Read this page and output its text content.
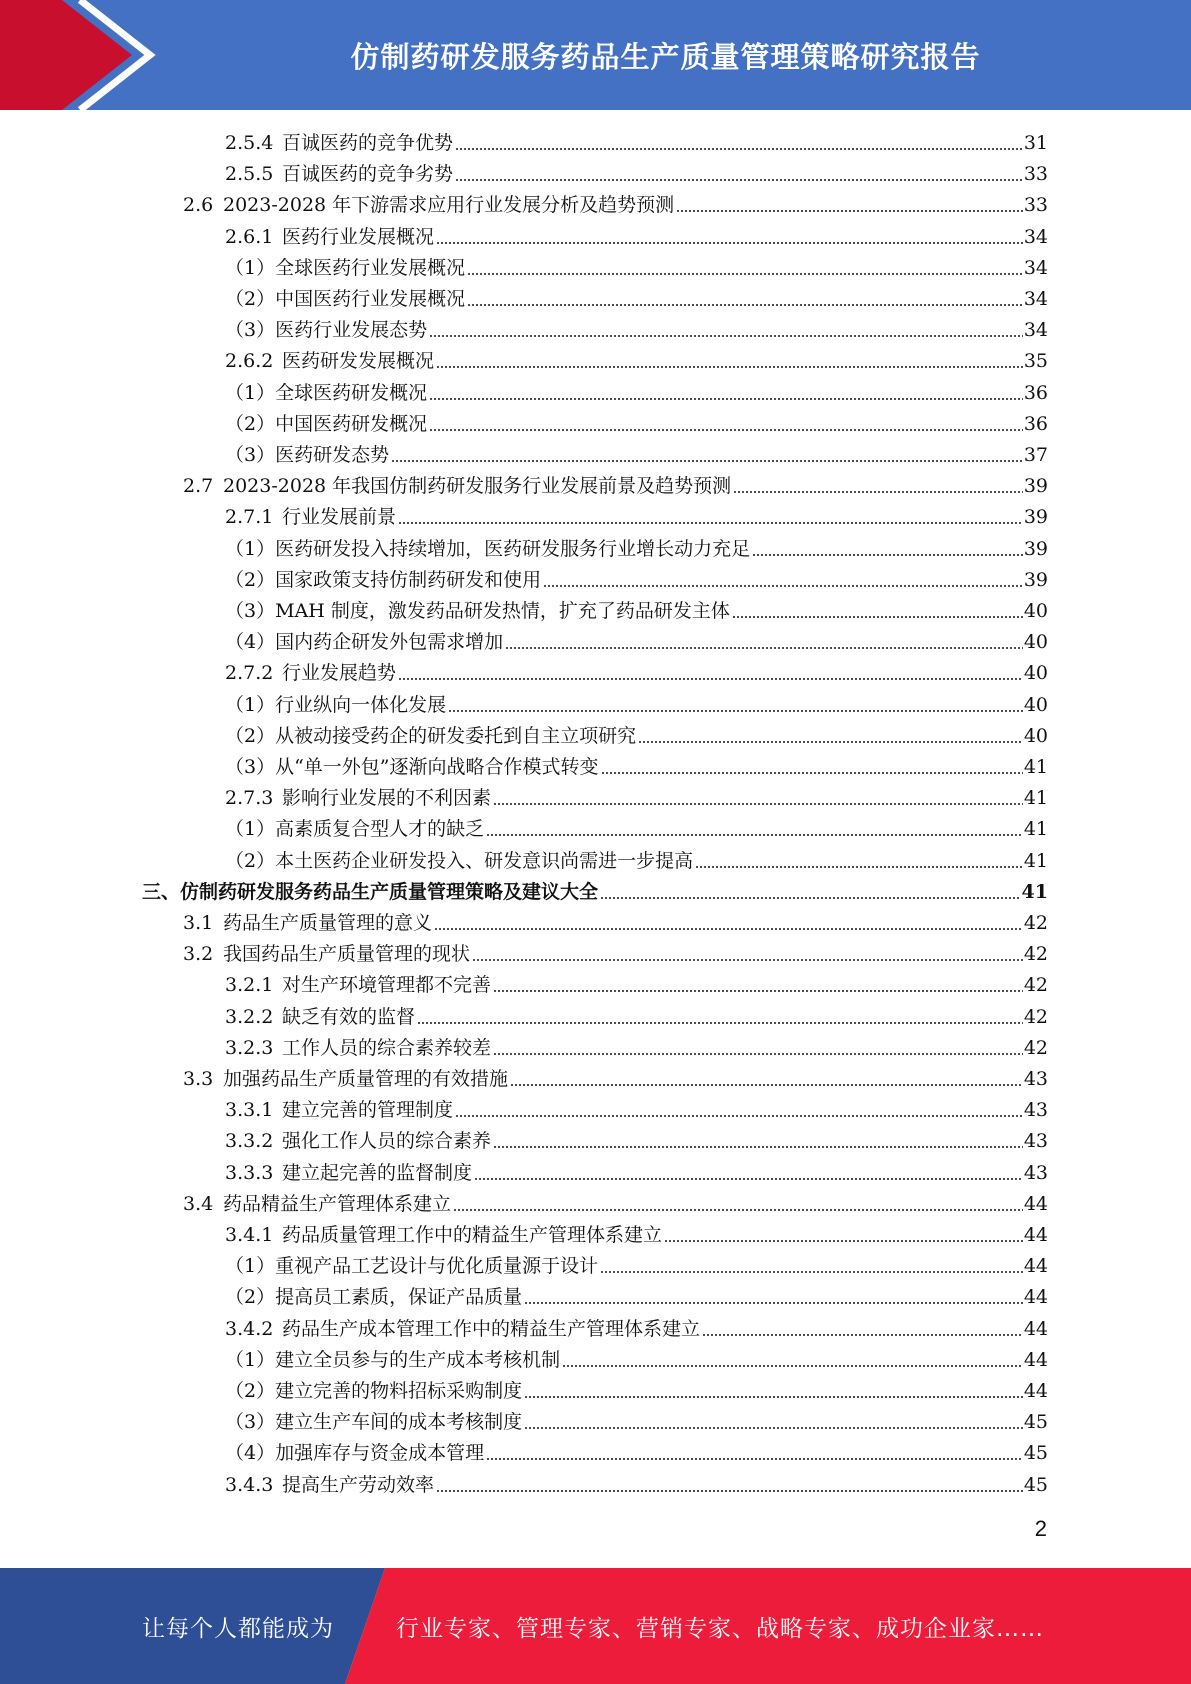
仿制药研发服务药品生产质量管理策略研究报告
2.5.4 百诚医药的竞争优势	31
2.5.5 百诚医药的竞争劣势	33
2.6 2023-2028 年下游需求应用行业发展分析及趋势预测	33
2.6.1 医药行业发展概况	34
（1） 全球医药行业发展概况	34
（2） 中国医药行业发展概况	34
（3） 医药行业发展态势	34
2.6.2 医药研发发展概况	35
（1） 全球医药研发概况	36
（2） 中国医药研发概况	36
（3） 医药研发态势	37
2.7 2023-2028 年我国仿制药研发服务行业发展前景及趋势预测	39
2.7.1 行业发展前景	39
（1） 医药研发投入持续增加，医药研发服务行业增长动力充足	39
（2） 国家政策支持仿制药研发和使用	39
（3） MAH 制度，激发药品研发热情，扩充了药品研发主体	40
（4） 国内药企研发外包需求增加	40
2.7.2 行业发展趋势	40
（1） 行业纵向一体化发展	40
（2） 从被动接受药企的研发委托到自主立项研究	40
（3） 从“单一外包”逐渐向战略合作模式转变	41
2.7.3 影响行业发展的不利因素	41
（1） 高素质复合型人才的缺乏	41
（2） 本土医药企业研发投入、研发意识尚需进一步提高	41
三、 仿制药研发服务药品生产质量管理策略及建议大全	41
3.1 药品生产质量管理的意义	42
3.2 我国药品生产质量管理的现状	42
3.2.1 对生产环境管理都不完善	42
3.2.2 缺乏有效的监督	42
3.2.3 工作人员的综合素养较差	42
3.3 加强药品生产质量管理的有效措施	43
3.3.1 建立完善的管理制度	43
3.3.2 强化工作人员的综合素养	43
3.3.3 建立起完善的监督制度	43
3.4 药品精益生产管理体系建立	44
3.4.1 药品质量管理工作中的精益生产管理体系建立	44
（1） 重视产品工艺设计与优化质量源于设计	44
（2） 提高员工素质，保证产品质量	44
3.4.2 药品生产成本管理工作中的精益生产管理体系建立	44
（1） 建立全员参与的生产成本考核机制	44
（2） 建立完善的物料招标采购制度	44
（3） 建立生产车间的成本考核制度	45
（4） 加强库存与资金成本管理	45
3.4.3 提高生产劳动效率	45
2
让每个人都能成为	行业专家、管理专家、营销专家、战略专家、成功企业家……
